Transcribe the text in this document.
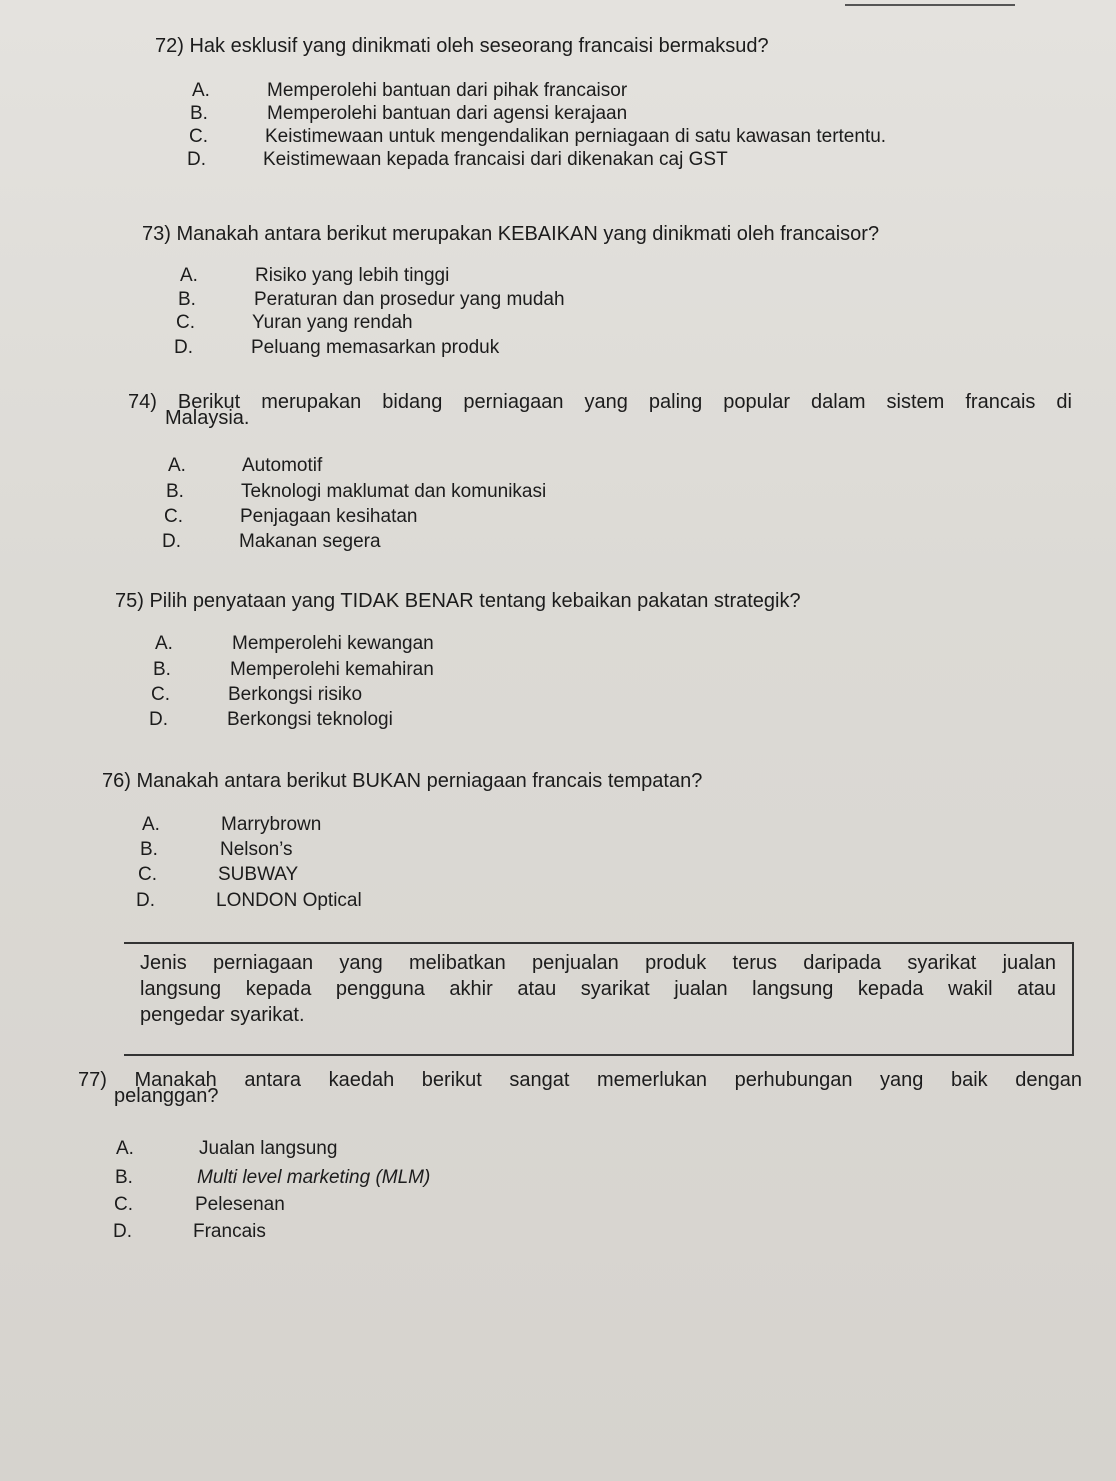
72) Hak esklusif yang dinikmati oleh seseorang francaisi bermaksud?
A.	Memperolehi bantuan dari pihak francaisor
B.	Memperolehi bantuan dari agensi kerajaan
C.	Keistimewaan untuk mengendalikan perniagaan di satu kawasan tertentu.
D.	Keistimewaan kepada francaisi dari dikenakan caj GST
73) Manakah antara berikut merupakan KEBAIKAN yang dinikmati oleh francaisor?
A.	Risiko yang lebih tinggi
B.	Peraturan dan prosedur yang mudah
C.	Yuran yang rendah
D.	Peluang memasarkan produk
74) Berikut merupakan bidang perniagaan yang paling popular dalam sistem francais di
Malaysia.
A.	Automotif
B.	Teknologi maklumat dan komunikasi
C.	Penjagaan kesihatan
D.	Makanan segera
75) Pilih penyataan yang TIDAK BENAR tentang kebaikan pakatan strategik?
A.	Memperolehi kewangan
B.	Memperolehi kemahiran
C.	Berkongsi risiko
D.	Berkongsi teknologi
76) Manakah antara berikut BUKAN perniagaan francais tempatan?
A.	Marrybrown
B.	Nelson’s
C.	SUBWAY
D.	LONDON Optical
Jenis perniagaan yang melibatkan penjualan produk terus daripada syarikat jualan
langsung kepada pengguna akhir atau syarikat jualan langsung kepada wakil atau
pengedar syarikat.
77) Manakah antara kaedah berikut sangat memerlukan perhubungan yang baik dengan
pelanggan?
A.	Jualan langsung
B.	Multi level marketing (MLM)
C.	Pelesenan
D.	Francais
